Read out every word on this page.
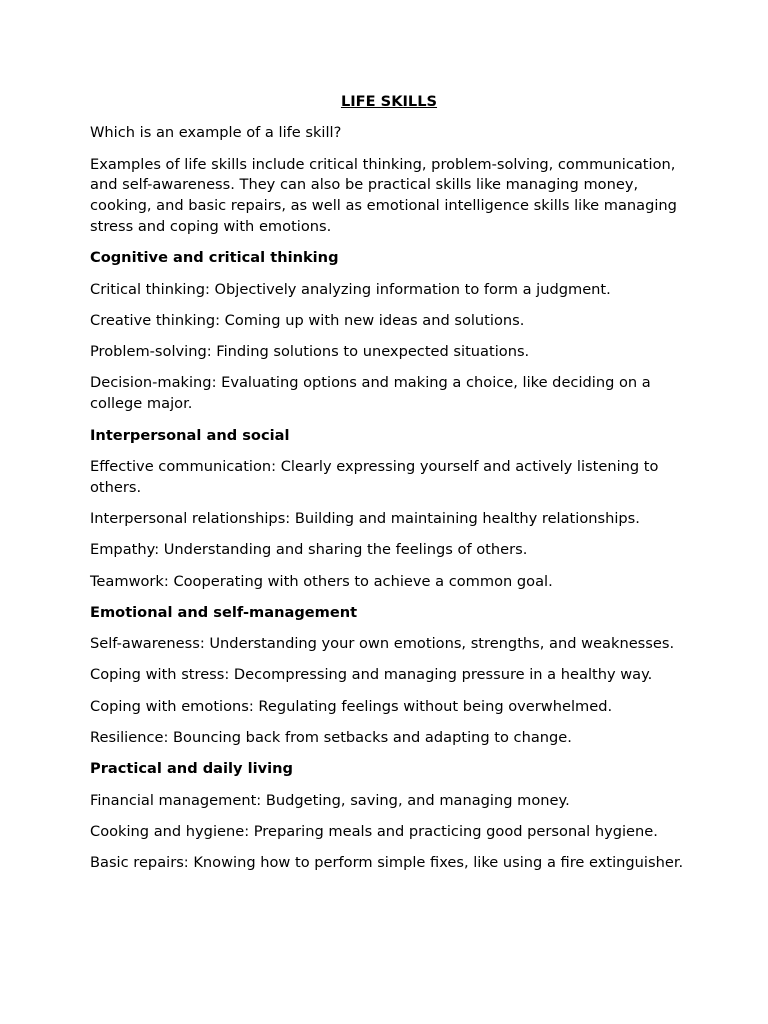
LIFE SKILLS

Which is an example of a life skill?

Examples of life skills include critical thinking, problem-solving, communication, and self-awareness. They can also be practical skills like managing money, cooking, and basic repairs, as well as emotional intelligence skills like managing stress and coping with emotions.

Cognitive and critical thinking

Critical thinking: Objectively analyzing information to form a judgment.

Creative thinking: Coming up with new ideas and solutions.

Problem-solving: Finding solutions to unexpected situations.

Decision-making: Evaluating options and making a choice, like deciding on a college major.

Interpersonal and social

Effective communication: Clearly expressing yourself and actively listening to others.

Interpersonal relationships: Building and maintaining healthy relationships.

Empathy: Understanding and sharing the feelings of others.

Teamwork: Cooperating with others to achieve a common goal.

Emotional and self-management

Self-awareness: Understanding your own emotions, strengths, and weaknesses.

Coping with stress: Decompressing and managing pressure in a healthy way.

Coping with emotions: Regulating feelings without being overwhelmed.

Resilience: Bouncing back from setbacks and adapting to change.

Practical and daily living

Financial management: Budgeting, saving, and managing money.

Cooking and hygiene: Preparing meals and practicing good personal hygiene.

Basic repairs: Knowing how to perform simple fixes, like using a fire extinguisher.
